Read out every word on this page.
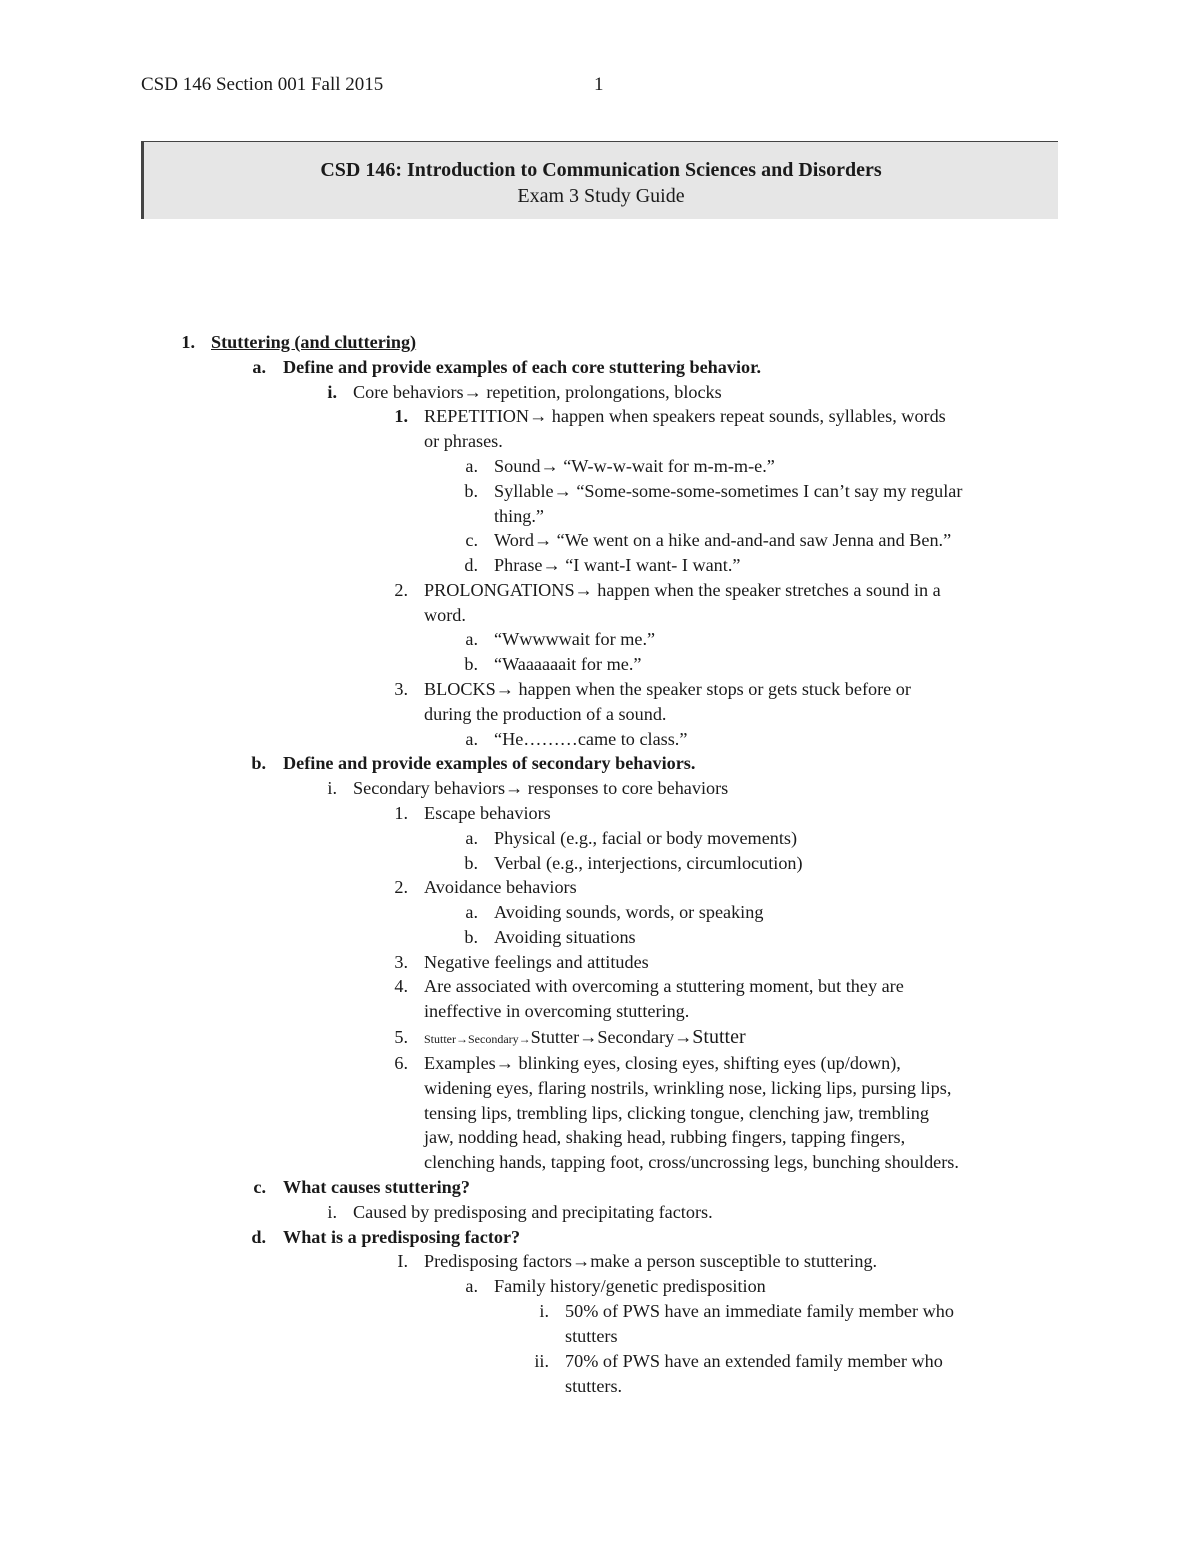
CSD 146 Section 001 Fall 2015	1
CSD 146: Introduction to Communication Sciences and Disorders
Exam 3 Study Guide
1. Stuttering (and cluttering)
a. Define and provide examples of each core stuttering behavior.
i. Core behaviors→ repetition, prolongations, blocks
1. REPETITION→ happen when speakers repeat sounds, syllables, words
or phrases.
a. Sound→ “W-w-w-wait for m-m-m-e.”
b. Syllable→ “Some-some-some-sometimes I can’t say my regular
thing.”
c. Word→ “We went on a hike and-and-and saw Jenna and Ben.”
d. Phrase→ “I want-I want- I want.”
2. PROLONGATIONS→ happen when the speaker stretches a sound in a
word.
a. “Wwwwwait for me.”
b. “Waaaaaait for me.”
3. BLOCKS→ happen when the speaker stops or gets stuck before or
during the production of a sound.
a. “He………came to class.”
b. Define and provide examples of secondary behaviors.
i. Secondary behaviors→ responses to core behaviors
1. Escape behaviors
a. Physical (e.g., facial or body movements)
b. Verbal (e.g., interjections, circumlocution)
2. Avoidance behaviors
a. Avoiding sounds, words, or speaking
b. Avoiding situations
3. Negative feelings and attitudes
4. Are associated with overcoming a stuttering moment, but they are
ineffective in overcoming stuttering.
5. Stutter→Secondary→Stutter→Secondary→Stutter
6. Examples→ blinking eyes, closing eyes, shifting eyes (up/down),
widening eyes, flaring nostrils, wrinkling nose, licking lips, pursing lips,
tensing lips, trembling lips, clicking tongue, clenching jaw, trembling
jaw, nodding head, shaking head, rubbing fingers, tapping fingers,
clenching hands, tapping foot, cross/uncrossing legs, bunching shoulders.
c. What causes stuttering?
i. Caused by predisposing and precipitating factors.
d. What is a predisposing factor?
I. Predisposing factors→make a person susceptible to stuttering.
a. Family history/genetic predisposition
i. 50% of PWS have an immediate family member who
stutters
ii. 70% of PWS have an extended family member who
stutters.
